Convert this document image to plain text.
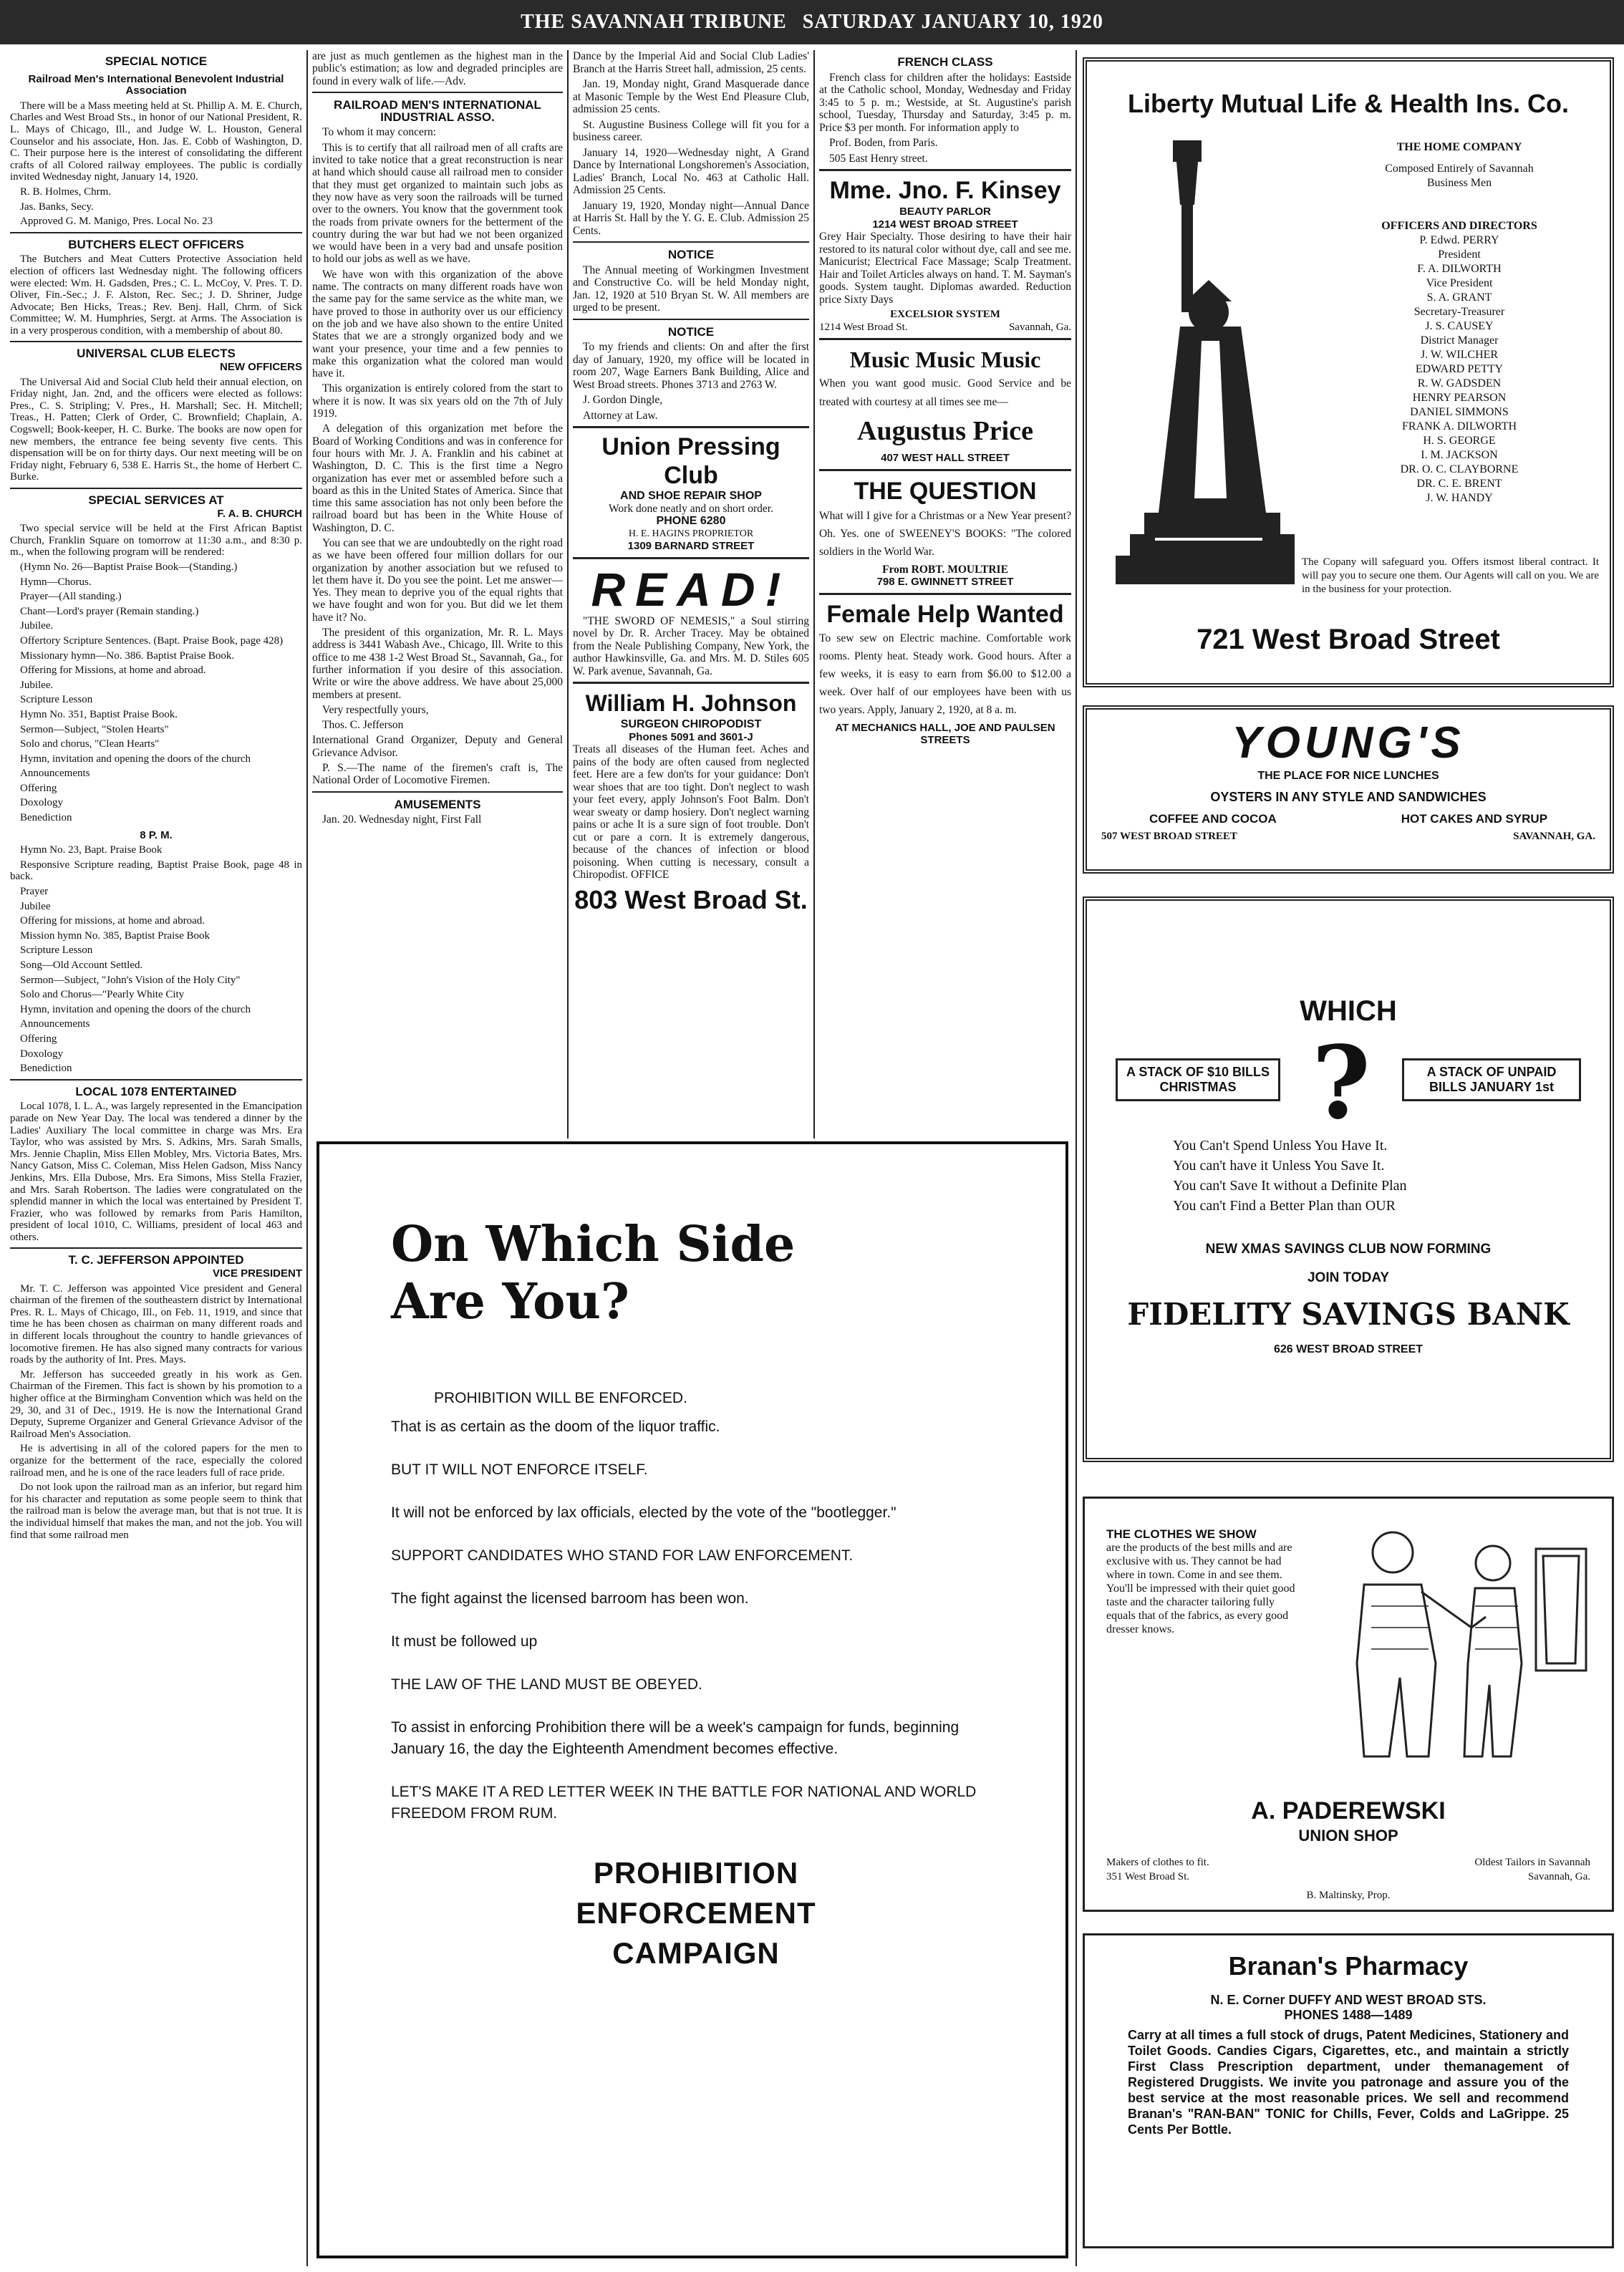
THE SAVANNAH TRIBUNE SATURDAY JANUARY 10, 1920
SPECIAL NOTICE
Railroad Men's International Benevolent Industrial Association

There will be a Mass meeting held at St. Phillip A. M. E. Church, Charles and West Broad Sts., in honor of our National President, R. L. Mays of Chicago, Ill., and Judge W. L. Houston, General Counselor and his associate, Hon. Jas. E. Cobb of Washington, D. C. Their purpose here is the interest of consolidating the different crafts of all Colored railway employees. The public is cordially invited Wednesday night, January 14, 1920.

R. B. Holmes, Chrm.

Jas. Banks, Secy.

Approved G. M. Manigo, Pres. Local No. 23

BUTCHERS ELECT OFFICERS

The Butchers and Meat Cutters Protective Association held election of officers last Wednesday night. The following officers were elected: Wm. H. Gadsden, Pres.; C. L. McCoy, V. Pres. T. D. Oliver, Fin.-Sec.; J. F. Alston, Rec. Sec.; J. D. Shriner, Judge Advocate; Ben Hicks, Treas.; Rev. Benj. Hall, Chrm. of Sick Committee; W. M. Humphries, Sergt. at Arms. The Association is in a very prosperous condition, with a membership of about 80.

UNIVERSAL CLUB ELECTS
NEW OFFICERS

The Universal Aid and Social Club held their annual election, on Friday night, Jan. 2nd, and the officers were elected as follows: Pres., C. S. Stripling; V. Pres., H. Marshall; Sec. H. Mitchell; Treas., H. Patten; Clerk of Order, C. Brownfield; Chaplain, A. Cogswell; Book-keeper, H. C. Burke. The books are now open for new members, the entrance fee being seventy five cents. This dispensation will be on for thirty days. Our next meeting will be on Friday night, February 6, 538 E. Harris St., the home of Herbert C. Burke.

SPECIAL SERVICES AT
F. A. B. CHURCH

Two special service will be held at the First African Baptist Church, Franklin Square on tomorrow at 11:30 a.m., and 8:30 p. m., when the following program will be rendered:

(Hymn No. 26—Baptist Praise Book—(Standing.)

Hymn—Chorus.

Prayer—(All standing.)

Chant—Lord's prayer (Remain standing.)

Jubilee.

Offertory Scripture Sentences. (Bapt. Praise Book, page 428)

Missionary hymn—No. 386. Baptist Praise Book.

Offering for Missions, at home and abroad.

Jubilee.

Scripture Lesson

Hymn No. 351, Baptist Praise Book.

Sermon—Subject, "Stolen Hearts"

Solo and chorus, "Clean Hearts"

Hymn, invitation and opening the doors of the church

Announcements

Offering

Doxology

Benediction

8 P. M.

Hymn No. 23, Bapt. Praise Book

Responsive Scripture reading, Baptist Praise Book, page 48 in back.

Prayer

Jubilee

Offering for missions, at home and abroad.

Mission hymn No. 385, Baptist Praise Book

Scripture Lesson

Song—Old Account Settled.

Sermon—Subject, "John's Vision of the Holy City"

Solo and Chorus—"Pearly White City

Hymn, invitation and opening the doors of the church

Announcements

Offering

Doxology

Benediction

LOCAL 1078 ENTERTAINED

Local 1078, I. L. A., was largely represented in the Emancipation parade on New Year Day. The local was tendered a dinner by the Ladies' Auxiliary The local committee in charge was Mrs. Era Taylor, who was assisted by Mrs. S. Adkins, Mrs. Sarah Smalls, Mrs. Jennie Chaplin, Miss Ellen Mobley, Mrs. Victoria Bates, Mrs. Nancy Gatson, Miss C. Coleman, Miss Helen Gadson, Miss Nancy Jenkins, Mrs. Ella Dubose, Mrs. Era Simons, Miss Stella Frazier, and Mrs. Sarah Robertson. The ladies were congratulated on the splendid manner in which the local was entertained by President T. Frazier, who was followed by remarks from Paris Hamilton, president of local 1010, C. Williams, president of local 463 and others.

T. C. JEFFERSON APPOINTED
VICE PRESIDENT

Mr. T. C. Jefferson was appointed Vice president and General chairman of the firemen of the southeastern district by International Pres. R. L. Mays of Chicago, Ill., on Feb. 11, 1919, and since that time he has been chosen as chairman on many different roads and in different locals throughout the country to handle grievances of locomotive firemen. He has also signed many contracts for various roads by the authority of Int. Pres. Mays.

Mr. Jefferson has succeeded greatly in his work as Gen. Chairman of the Firemen. This fact is shown by his promotion to a higher office at the Birmingham Convention which was held on the 29, 30, and 31 of Dec., 1919. He is now the International Grand Deputy, Supreme Organizer and General Grievance Advisor of the Railroad Men's Association.

He is advertising in all of the colored papers for the men to organize for the betterment of the race, especially the colored railroad men, and he is one of the race leaders full of race pride.

Do not look upon the railroad man as an inferior, but regard him for his character and reputation as some people seem to think that the railroad man is below the average man, but that is not true. It is the individual himself that makes the man, and not the job. You will find that some railroad men

are just as much gentlemen as the highest man in the public's estimation; as low and degraded principles are found in every walk of life.—Adv.

RAILROAD MEN'S INTERNATIONAL INDUSTRIAL ASSO.

To whom it may concern:

This is to certify that all railroad men of all crafts are invited to take notice that a great reconstruction is near at hand which should cause all railroad men to consider that they must get organized to maintain such jobs as they now have as very soon the railroads will be turned over to the owners. You know that the government took the roads from private owners for the betterment of the country during the war but had we not been organized we would have been in a very bad and unsafe position to hold our jobs as well as we have.

We have won with this organization of the above name. The contracts on many different roads have won the same pay for the same service as the white man, we have proved to those in authority over us our efficiency on the job and we have also shown to the entire United States that we are a strongly organized body and we want your presence, your time and a few pennies to make this organization what the colored man would have it.

This organization is entirely colored from the start to where it is now. It was six years old on the 7th of July 1919.

A delegation of this organization met before the Board of Working Conditions and was in conference for four hours with Mr. J. A. Franklin and his cabinet at Washington, D. C. This is the first time a Negro organization has ever met or assembled before such a board as this in the United States of America. Since that time this same association has not only been before the railroad board but has been in the White House of Washington, D. C.

You can see that we are undoubtedly on the right road as we have been offered four million dollars for our organization by another association but we refused to let them have it. Do you see the point. Let me answer—Yes. They mean to deprive you of the equal rights that we have fought and won for you. But did we let them have it? No.

The president of this organization, Mr. R. L. Mays address is 3441 Wabash Ave., Chicago, Ill. Write to this office to me 438 1-2 West Broad St., Savannah, Ga., for further information if you desire of this association. Write or wire the above address. We have about 25,000 members at present.

Very respectfully yours,

Thos. C. Jefferson

International Grand Organizer, Deputy and General Grievance Advisor.

P. S.—The name of the firemen's craft is, The National Order of Locomotive Firemen.

AMUSEMENTS

Jan. 20. Wednesday night, First Fall

Dance by the Imperial Aid and Social Club Ladies' Branch at the Harris Street hall, admission, 25 cents.

Jan. 19, Monday night, Grand Masquerade dance at Masonic Temple by the West End Pleasure Club, admission 25 cents.

St. Augustine Business College will fit you for a business career.

January 14, 1920—Wednesday night, A Grand Dance by International Longshoremen's Association, Ladies' Branch, Local No. 463 at Catholic Hall. Admission 25 Cents.

January 19, 1920, Monday night—Annual Dance at Harris St. Hall by the Y. G. E. Club. Admission 25 Cents.

NOTICE

The Annual meeting of Workingmen Investment and Constructive Co. will be held Monday night, Jan. 12, 1920 at 510 Bryan St. W. All members are urged to be present.

NOTICE

To my friends and clients: On and after the first day of January, 1920, my office will be located in room 207, Wage Earners Bank Building, Alice and West Broad streets. Phones 3713 and 2763 W.

J. Gordon Dingle,

Attorney at Law.

Union Pressing Club
AND SHOE REPAIR SHOP
Work done neatly and on short order.
PHONE 6280
H. E. HAGINS PROPRIETOR
1309 BARNARD STREET
READ!

"THE SWORD OF NEMESIS," a Soul stirring novel by Dr. R. Archer Tracey. May be obtained from the Neale Publishing Company, New York, the author Hawkinsville, Ga. and Mrs. M. D. Stiles 605 W. Park avenue, Savannah, Ga.

William H. Johnson
SURGEON CHIROPODIST
Phones 5091 and 3601-J

Treats all diseases of the Human feet. Aches and pains of the body are often caused from neglected feet. Here are a few don'ts for your guidance: Don't wear shoes that are too tight. Don't neglect to wash your feet every, apply Johnson's Foot Balm. Don't wear sweaty or damp hosiery. Don't neglect warning pains or ache It is a sure sign of foot trouble. Don't cut or pare a corn. It is extremely dangerous, because of the chances of infection or blood poisoning. When cutting is necessary, consult a Chiropodist. OFFICE

803 West Broad St.
FRENCH CLASS

French class for children after the holidays: Eastside at the Catholic school, Monday, Wednesday and Friday 3:45 to 5 p. m.; Westside, at St. Augustine's parish school, Tuesday, Thursday and Saturday, 3:45 p. m. Price $3 per month. For information apply to

Prof. Boden, from Paris.

505 East Henry street.

Mme. Jno. F. Kinsey
BEAUTY PARLOR
1214 WEST BROAD STREET

Grey Hair Specialty. Those desiring to have their hair restored to its natural color without dye, call and see me. Manicurist; Electrical Face Massage; Scalp Treatment. Hair and Toilet Articles always on hand. T. M. Sayman's goods. System taught. Diplomas awarded. Reduction price Sixty Days

EXCELSIOR SYSTEM
1214 West Broad St.	Savannah, Ga.
Music Music Music

When you want good music. Good Service and be treated with courtesy at all times see me—

Augustus Price
407 WEST HALL STREET
THE QUESTION

What will I give for a Christmas or a New Year present? Oh. Yes. one of SWEENEY'S BOOKS: "The colored soldiers in the World War.

From ROBT. MOULTRIE
798 E. GWINNETT STREET
Female Help Wanted

To sew sew on Electric machine. Comfortable work rooms. Plenty heat. Steady work. Good hours. After a few weeks, it is easy to earn from $6.00 to $12.00 a week. Over half of our employees have been with us two years. Apply, January 2, 1920, at 8 a. m.

AT MECHANICS HALL, JOE AND PAULSEN STREETS
On Which Side
Are You?
PROHIBITION WILL BE ENFORCED.
That is as certain as the doom of the liquor traffic.
BUT IT WILL NOT ENFORCE ITSELF.
It will not be enforced by lax officials, elected by the vote of the "bootlegger."
SUPPORT CANDIDATES WHO STAND FOR LAW ENFORCEMENT.
The fight against the licensed barroom has been won.
It must be followed up
THE LAW OF THE LAND MUST BE OBEYED.
To assist in enforcing Prohibition there will be a week's campaign for funds, beginning January 16, the day the Eighteenth Amendment becomes effective.
LET'S MAKE IT A RED LETTER WEEK IN THE BATTLE FOR NATIONAL AND WORLD FREEDOM FROM RUM.
PROHIBITION
ENFORCEMENT
CAMPAIGN
Liberty Mutual Life & Health Ins. Co.
THE HOME COMPANY
Composed Entirely of Savannah
Business Men
OFFICERS AND DIRECTORS
P. Edwd. PERRY
President
F. A. DILWORTH
Vice President
S. A. GRANT
Secretary-Treasurer
J. S. CAUSEY
District Manager
J. W. WILCHER
EDWARD PETTY
R. W. GADSDEN
HENRY PEARSON
DANIEL SIMMONS
FRANK A. DILWORTH
H. S. GEORGE
I. M. JACKSON
DR. O. C. CLAYBORNE
DR. C. E. BRENT
J. W. HANDY
The Copany will safeguard you. Offers itsmost liberal contract. It will pay you to secure one them. Our Agents will call on you. We are in the business for your protection.
721 West Broad Street
YOUNG'S
THE PLACE FOR NICE LUNCHES
OYSTERS IN ANY STYLE AND SANDWICHES
COFFEE AND COCOA	HOT CAKES AND SYRUP
507 WEST BROAD STREET	SAVANNAH, GA.
WHICH
A STACK OF $10 BILLS CHRISTMAS ?	A STACK OF UNPAID BILLS JANUARY 1st
You Can't Spend Unless You Have It.
You can't have it Unless You Save It.
You can't Save It without a Definite Plan
You can't Find a Better Plan than OUR
NEW XMAS SAVINGS CLUB NOW FORMING
JOIN TODAY
FIDELITY SAVINGS BANK
626 WEST BROAD STREET
THE CLOTHES WE SHOW
are the products of the best mills and are exclusive with us. They cannot be had where in town. Come in and see them. You'll be impressed with their quiet good taste and the character tailoring fully equals that of the fabrics, as every good dresser knows.
A. PADEREWSKI
UNION SHOP
Makers of clothes to fit.	Oldest Tailors in Savannah
351 West Broad St.	Savannah, Ga.
B. Maltinsky, Prop.
Branan's Pharmacy
N. E. Corner DUFFY AND WEST BROAD STS.
PHONES 1488—1489
Carry at all times a full stock of drugs, Patent Medicines, Stationery and Toilet Goods. Candies Cigars, Cigarettes, etc., and maintain a strictly First Class Prescription department, under themanagement of Registered Druggists. We invite you patronage and assure you of the best service at the most reasonable prices. We sell and recommend Branan's "RAN-BAN" TONIC for Chills, Fever, Colds and LaGrippe. 25 Cents Per Bottle.
